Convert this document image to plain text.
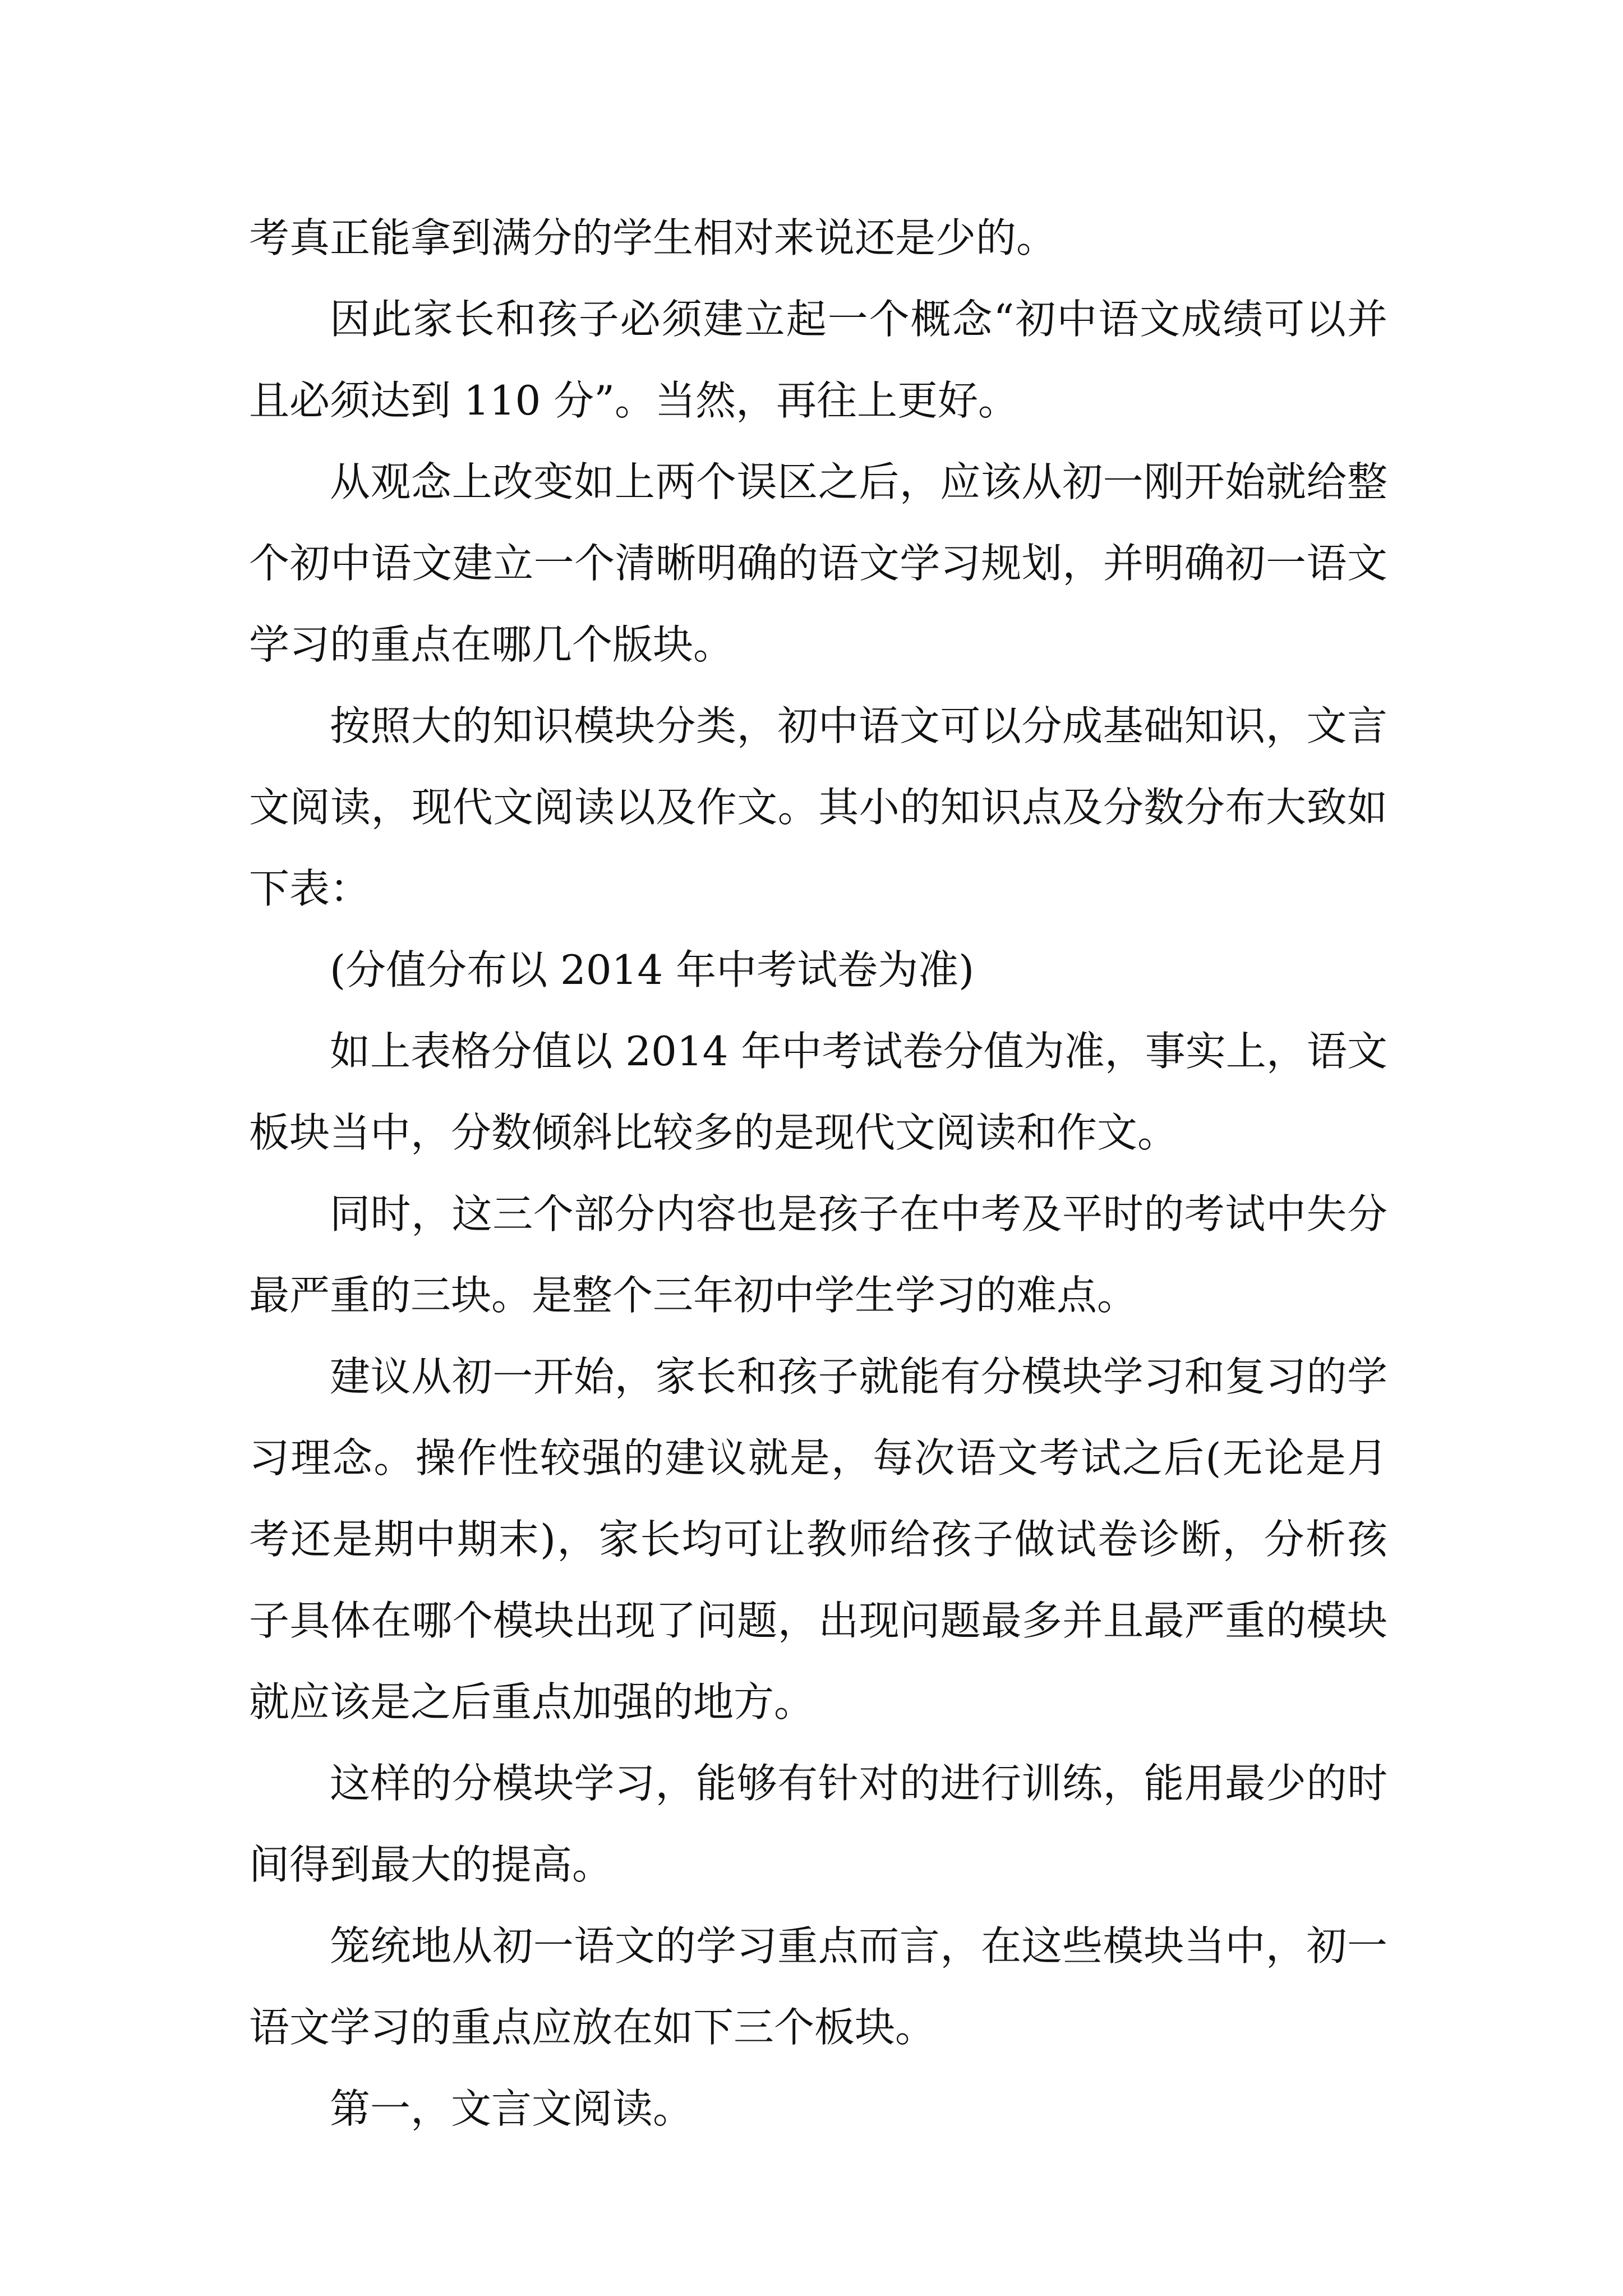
考真正能拿到满分的学生相对来说还是少的。

因此家长和孩子必须建立起一个概念“初中语文成绩可以并且必须达到 110 分”。当然，再往上更好。

从观念上改变如上两个误区之后，应该从初一刚开始就给整个初中语文建立一个清晰明确的语文学习规划，并明确初一语文学习的重点在哪几个版块。

按照大的知识模块分类，初中语文可以分成基础知识，文言文阅读，现代文阅读以及作文。其小的知识点及分数分布大致如下表：

(分值分布以 2014 年中考试卷为准)

如上表格分值以 2014 年中考试卷分值为准，事实上，语文板块当中，分数倾斜比较多的是现代文阅读和作文。

同时，这三个部分内容也是孩子在中考及平时的考试中失分最严重的三块。是整个三年初中学生学习的难点。

建议从初一开始，家长和孩子就能有分模块学习和复习的学习理念。操作性较强的建议就是，每次语文考试之后(无论是月考还是期中期末)，家长均可让教师给孩子做试卷诊断，分析孩子具体在哪个模块出现了问题，出现问题最多并且最严重的模块就应该是之后重点加强的地方。

这样的分模块学习，能够有针对的进行训练，能用最少的时间得到最大的提高。

笼统地从初一语文的学习重点而言，在这些模块当中，初一语文学习的重点应放在如下三个板块。

第一，文言文阅读。
